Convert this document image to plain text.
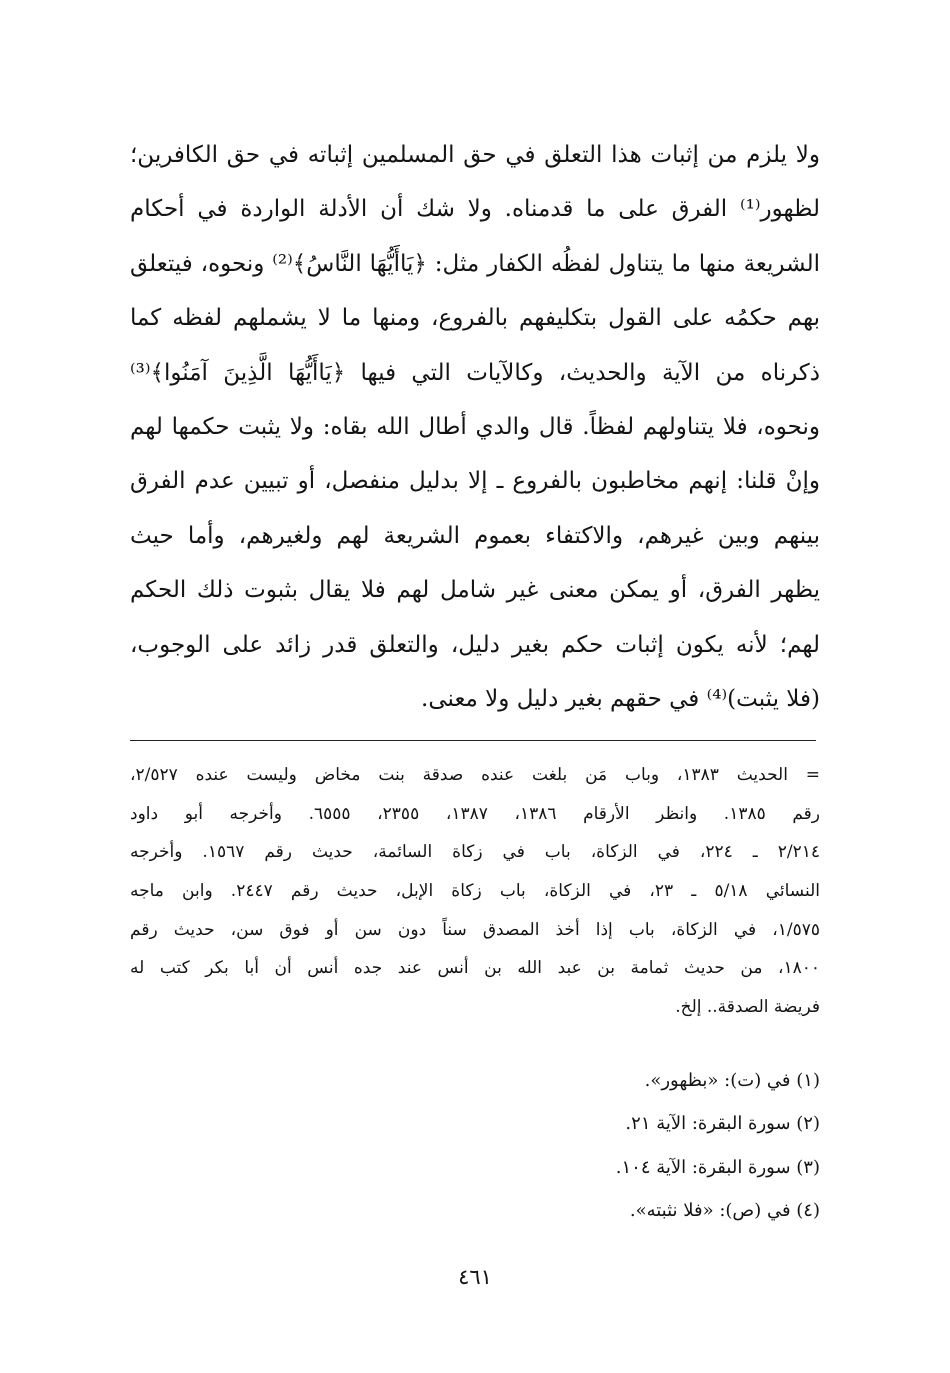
ولا يلزم من إثبات هذا التعلق في حق المسلمين إثباته في حق الكافرين؛
لظهور⁽¹⁾ الفرق على ما قدمناه. ولا شك أن الأدلة الواردة في أحكام
الشريعة منها ما يتناول لفظُه الكفار مثل: ﴿يَاأَيُّهَا النَّاسُ﴾⁽²⁾ ونحوه، فيتعلق
بهم حكمُه على القول بتكليفهم بالفروع، ومنها ما لا يشملهم لفظه كما
ذكرناه من الآية والحديث، وكالآيات التي فيها ﴿يَاأَيُّهَا الَّذِينَ آمَنُوا﴾⁽³⁾
ونحوه، فلا يتناولهم لفظاً. قال والدي أطال الله بقاه: ولا يثبت حكمها لهم
وإنْ قلنا: إنهم مخاطبون بالفروع ـ إلا بدليل منفصل، أو تبيين عدم الفرق
بينهم وبين غيرهم، والاكتفاء بعموم الشريعة لهم ولغيرهم، وأما حيث
يظهر الفرق، أو يمكن معنى غير شامل لهم فلا يقال بثبوت ذلك الحكم
لهم؛ لأنه يكون إثبات حكم بغير دليل، والتعلق قدر زائد على الوجوب،
(فلا يثبت)⁽⁴⁾ في حقهم بغير دليل ولا معنى.
= الحديث ١٣٨٣، وباب مَن بلغت عنده صدقة بنت مخاض وليست عنده ٢/٥٢٧،
رقم ١٣٨٥. وانظر الأرقام ١٣٨٦، ١٣٨٧، ٢٣٥٥، ٦٥٥٥. وأخرجه أبو داود
٢/٢١٤ ـ ٢٢٤، في الزكاة، باب في زكاة السائمة، حديث رقم ١٥٦٧. وأخرجه
النسائي ٥/١٨ ـ ٢٣، في الزكاة، باب زكاة الإبل، حديث رقم ٢٤٤٧. وابن ماجه
١/٥٧٥، في الزكاة، باب إذا أخذ المصدق سناً دون سن أو فوق سن، حديث رقم
١٨٠٠، من حديث ثمامة بن عبد الله بن أنس عند جده أنس أن أبا بكر كتب له
فريضة الصدقة.. إلخ.
(١) في (ت): «بظهور».
(٢) سورة البقرة: الآية ٢١.
(٣) سورة البقرة: الآية ١٠٤.
(٤) في (ص): «فلا نثبته».
٤٦١
